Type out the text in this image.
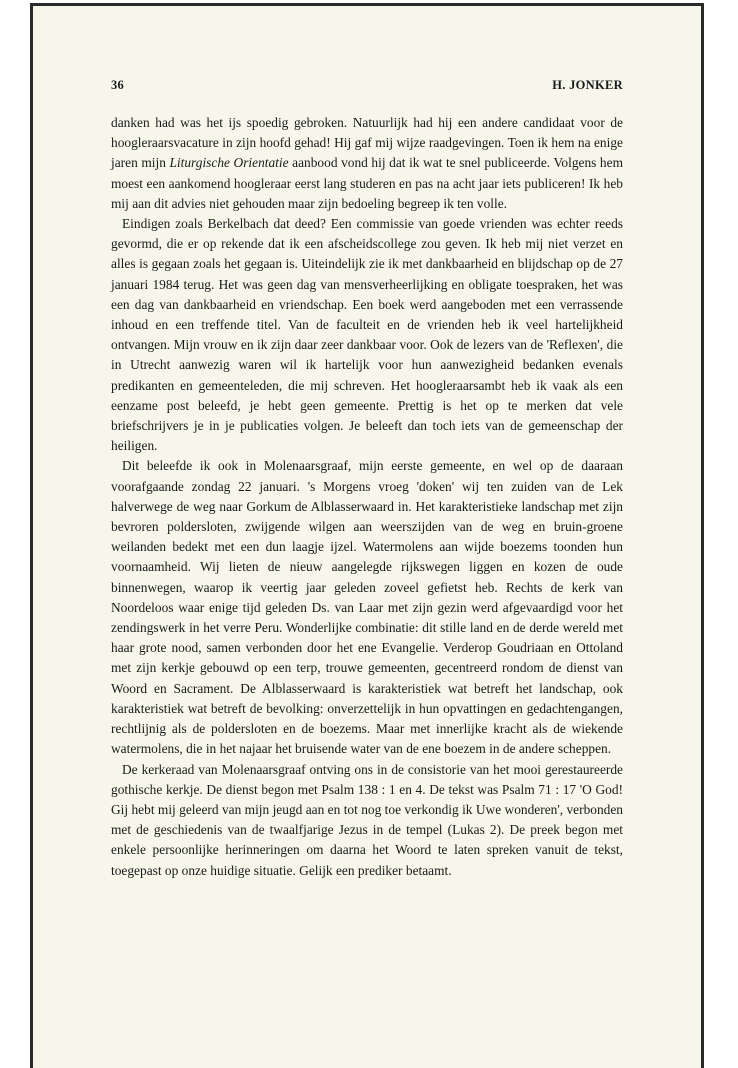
36	H. JONKER

danken had was het ijs spoedig gebroken. Natuurlijk had hij een andere candidaat voor de hoogleraarsvacature in zijn hoofd gehad! Hij gaf mij wijze raadgevingen. Toen ik hem na enige jaren mijn Liturgische Orientatie aanbood vond hij dat ik wat te snel publiceerde. Volgens hem moest een aankomend hoogleraar eerst lang studeren en pas na acht jaar iets publiceren! Ik heb mij aan dit advies niet gehouden maar zijn bedoeling begreep ik ten volle.

Eindigen zoals Berkelbach dat deed? Een commissie van goede vrienden was echter reeds gevormd, die er op rekende dat ik een afscheidscollege zou geven. Ik heb mij niet verzet en alles is gegaan zoals het gegaan is. Uiteindelijk zie ik met dankbaarheid en blijdschap op de 27 januari 1984 terug. Het was geen dag van mensverheerlijking en obligate toespraken, het was een dag van dankbaarheid en vriendschap. Een boek werd aangeboden met een verrassende inhoud en een treffende titel. Van de faculteit en de vrienden heb ik veel hartelijkheid ontvangen. Mijn vrouw en ik zijn daar zeer dankbaar voor. Ook de lezers van de 'Reflexen', die in Utrecht aanwezig waren wil ik hartelijk voor hun aanwezigheid bedanken evenals predikanten en gemeenteleden, die mij schreven. Het hoogleraarsambt heb ik vaak als een eenzame post beleefd, je hebt geen gemeente. Prettig is het op te merken dat vele briefschrijvers je in je publicaties volgen. Je beleeft dan toch iets van de gemeenschap der heiligen.

Dit beleefde ik ook in Molenaarsgraaf, mijn eerste gemeente, en wel op de daaraan voorafgaande zondag 22 januari. 's Morgens vroeg 'doken' wij ten zuiden van de Lek halverwege de weg naar Gorkum de Alblasserwaard in. Het karakteristieke landschap met zijn bevroren poldersloten, zwijgende wilgen aan weerszijden van de weg en bruin-groene weilanden bedekt met een dun laagje ijzel. Watermolens aan wijde boezems toonden hun voornaamheid. Wij lieten de nieuw aangelegde rijkswegen liggen en kozen de oude binnenwegen, waarop ik veertig jaar geleden zoveel gefietst heb. Rechts de kerk van Noordeloos waar enige tijd geleden Ds. van Laar met zijn gezin werd afgevaardigd voor het zendingswerk in het verre Peru. Wonderlijke combinatie: dit stille land en de derde wereld met haar grote nood, samen verbonden door het ene Evangelie. Verderop Goudriaan en Ottoland met zijn kerkje gebouwd op een terp, trouwe gemeenten, gecentreerd rondom de dienst van Woord en Sacrament. De Alblasserwaard is karakteristiek wat betreft het landschap, ook karakteristiek wat betreft de bevolking: onverzettelijk in hun opvattingen en gedachtengangen, rechtlijnig als de poldersloten en de boezems. Maar met innerlijke kracht als de wiekende watermolens, die in het najaar het bruisende water van de ene boezem in de andere scheppen.

De kerkeraad van Molenaarsgraaf ontving ons in de consistorie van het mooi gerestaureerde gothische kerkje. De dienst begon met Psalm 138 : 1 en 4. De tekst was Psalm 71 : 17 'O God! Gij hebt mij geleerd van mijn jeugd aan en tot nog toe verkondig ik Uwe wonderen', verbonden met de geschiedenis van de twaalfjarige Jezus in de tempel (Lukas 2). De preek begon met enkele persoonlijke herinneringen om daarna het Woord te laten spreken vanuit de tekst, toegepast op onze huidige situatie. Gelijk een prediker betaamt.
